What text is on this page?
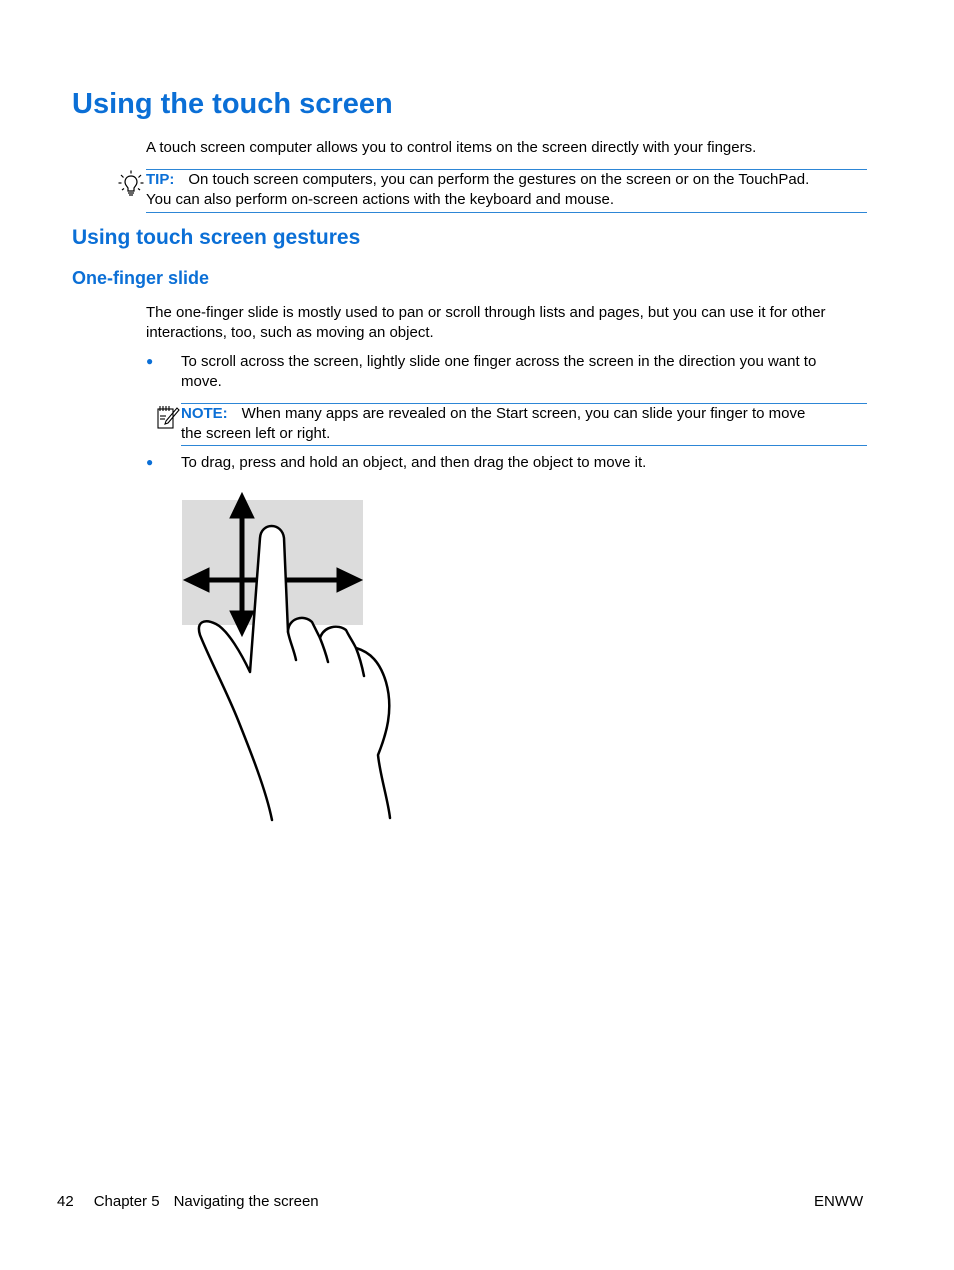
Using the touch screen
A touch screen computer allows you to control items on the screen directly with your fingers.
TIP: On touch screen computers, you can perform the gestures on the screen or on the TouchPad.
You can also perform on-screen actions with the keyboard and mouse.
Using touch screen gestures
One-finger slide
The one-finger slide is mostly used to pan or scroll through lists and pages, but you can use it for other interactions, too, such as moving an object.
● To scroll across the screen, lightly slide one finger across the screen in the direction you want to
move.
NOTE: When many apps are revealed on the Start screen, you can slide your finger to move
the screen left or right.
● To drag, press and hold an object, and then drag the object to move it.
42 Chapter 5 Navigating the screen	ENWW
